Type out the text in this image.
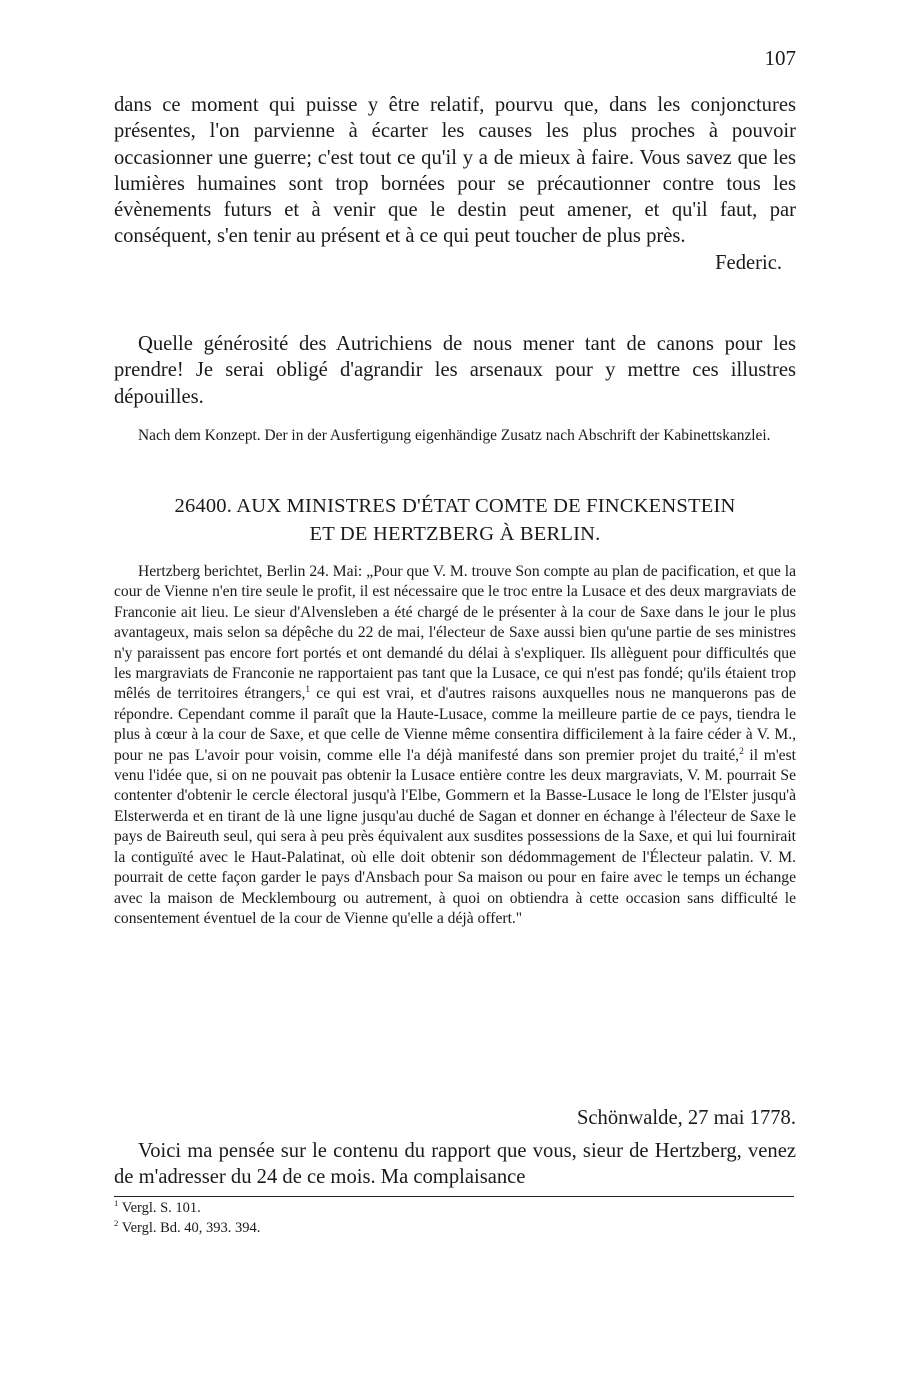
107

dans ce moment qui puisse y être relatif, pourvu que, dans les conjonctures présentes, l'on parvienne à écarter les causes les plus proches à pouvoir occasionner une guerre; c'est tout ce qu'il y a de mieux à faire. Vous savez que les lumières humaines sont trop bornées pour se précautionner contre tous les évènements futurs et à venir que le destin peut amener, et qu'il faut, par conséquent, s'en tenir au présent et à ce qui peut toucher de plus près.

Federic.

Quelle générosité des Autrichiens de nous mener tant de canons pour les prendre! Je serai obligé d'agrandir les arsenaux pour y mettre ces illustres dépouilles.

Nach dem Konzept. Der in der Ausfertigung eigenhändige Zusatz nach Abschrift der Kabinettskanzlei.
26400. AUX MINISTRES D'ÉTAT COMTE DE FINCKENSTEIN
ET DE HERTZBERG À BERLIN.
Hertzberg berichtet, Berlin 24. Mai: „Pour que V. M. trouve Son compte au plan de pacification, et que la cour de Vienne n'en tire seule le profit, il est nécessaire que le troc entre la Lusace et des deux margraviats de Franconie ait lieu. Le sieur d'Alvensleben a été chargé de le présenter à la cour de Saxe dans le jour le plus avantageux, mais selon sa dépêche du 22 de mai, l'électeur de Saxe aussi bien qu'une partie de ses ministres n'y paraissent pas encore fort portés et ont demandé du délai à s'expliquer. Ils allèguent pour difficultés que les margraviats de Franconie ne rapportaient pas tant que la Lusace, ce qui n'est pas fondé; qu'ils étaient trop mêlés de territoires étrangers,$^1$ ce qui est vrai, et d'autres raisons auxquelles nous ne manquerons pas de répondre. Cependant comme il paraît que la Haute-Lusace, comme la meilleure partie de ce pays, tiendra le plus à cœur à la cour de Saxe, et que celle de Vienne même consentira difficilement à la faire céder à V. M., pour ne pas L'avoir pour voisin, comme elle l'a déjà manifesté dans son premier projet du traité,$^2$ il m'est venu l'idée que, si on ne pouvait pas obtenir la Lusace entière contre les deux margraviats, V. M. pourrait Se contenter d'obtenir le cercle électoral jusqu'à l'Elbe, Gommern et la Basse-Lusace le long de l'Elster jusqu'à Elsterwerda et en tirant de là une ligne jusqu'au duché de Sagan et donner en échange à l'électeur de Saxe le pays de Baireuth seul, qui sera à peu près équivalent aux susdites possessions de la Saxe, et qui lui fournirait la contiguïté avec le Haut-Palatinat, où elle doit obtenir son dédommagement de l'Électeur palatin. V. M. pourrait de cette façon garder le pays d'Ansbach pour Sa maison ou pour en faire avec le temps un échange avec la maison de Mecklembourg ou autrement, à quoi on obtiendra à cette occasion sans difficulté le consentement éventuel de la cour de Vienne qu'elle a déjà offert."
Schönwalde, 27 mai 1778.

Voici ma pensée sur le contenu du rapport que vous, sieur de Hertzberg, venez de m'adresser du 24 de ce mois. Ma complaisance

$^1$ Vergl. S. 101.

$^2$ Vergl. Bd. 40, 393. 394.
